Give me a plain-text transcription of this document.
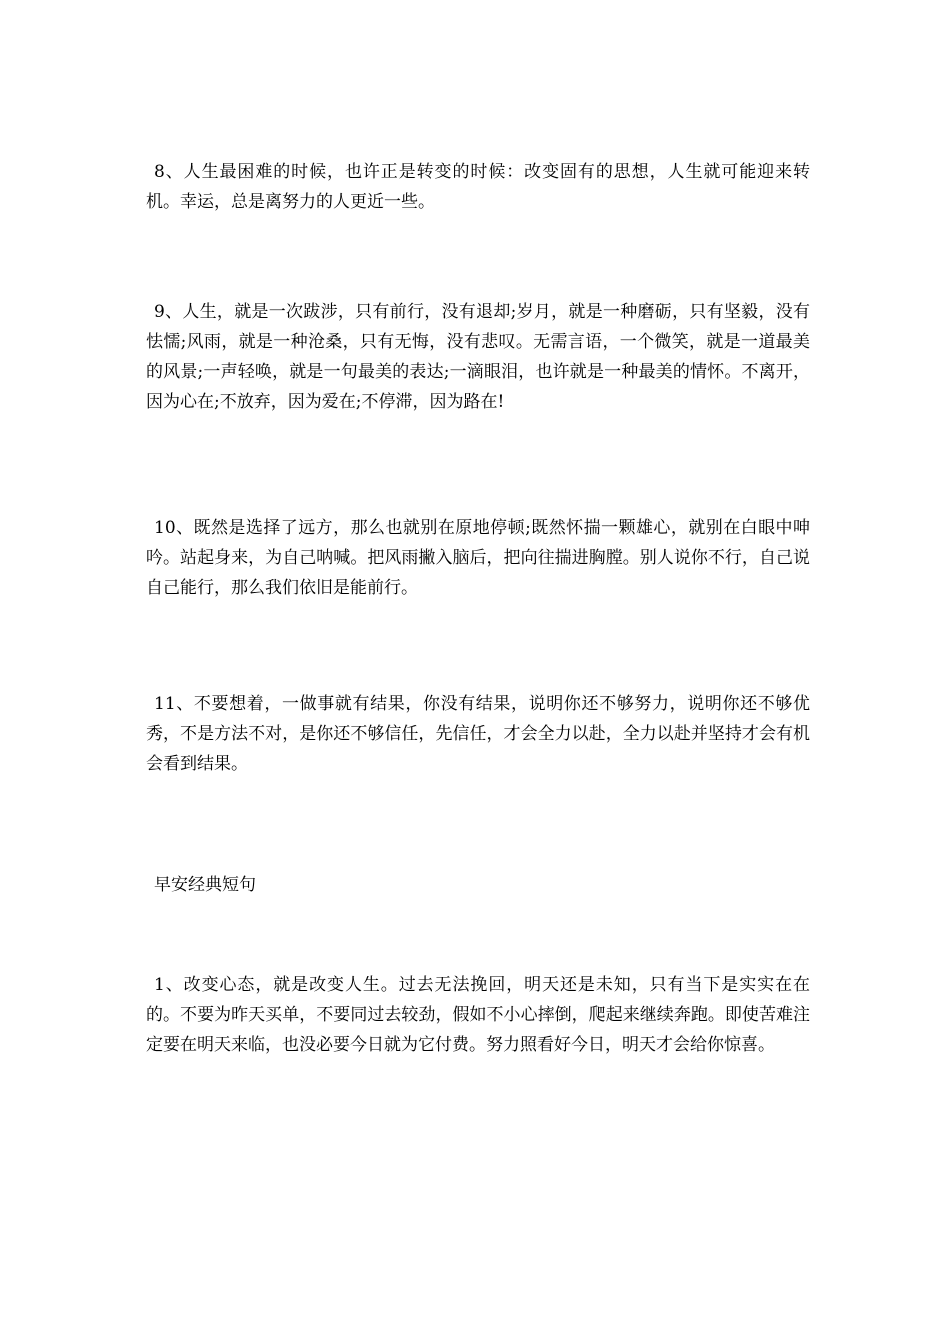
8、人生最困难的时候，也许正是转变的时候：改变固有的思想，人生就可能迎来转机。幸运，总是离努力的人更近一些。

9、人生，就是一次跋涉，只有前行，没有退却;岁月，就是一种磨砺，只有坚毅，没有怯懦;风雨，就是一种沧桑，只有无悔，没有悲叹。无需言语，一个微笑，就是一道最美的风景;一声轻唤，就是一句最美的表达;一滴眼泪，也许就是一种最美的情怀。不离开，因为心在;不放弃，因为爱在;不停滞，因为路在!

10、既然是选择了远方，那么也就别在原地停顿;既然怀揣一颗雄心，就别在白眼中呻吟。站起身来，为自己呐喊。把风雨撇入脑后，把向往揣进胸膛。别人说你不行，自己说自己能行，那么我们依旧是能前行。

11、不要想着，一做事就有结果，你没有结果，说明你还不够努力，说明你还不够优秀，不是方法不对，是你还不够信任，先信任，才会全力以赴，全力以赴并坚持才会有机会看到结果。

早安经典短句

1、改变心态，就是改变人生。过去无法挽回，明天还是未知，只有当下是实实在在的。不要为昨天买单，不要同过去较劲，假如不小心摔倒，爬起来继续奔跑。即使苦难注定要在明天来临，也没必要今日就为它付费。努力照看好今日，明天才会给你惊喜。
